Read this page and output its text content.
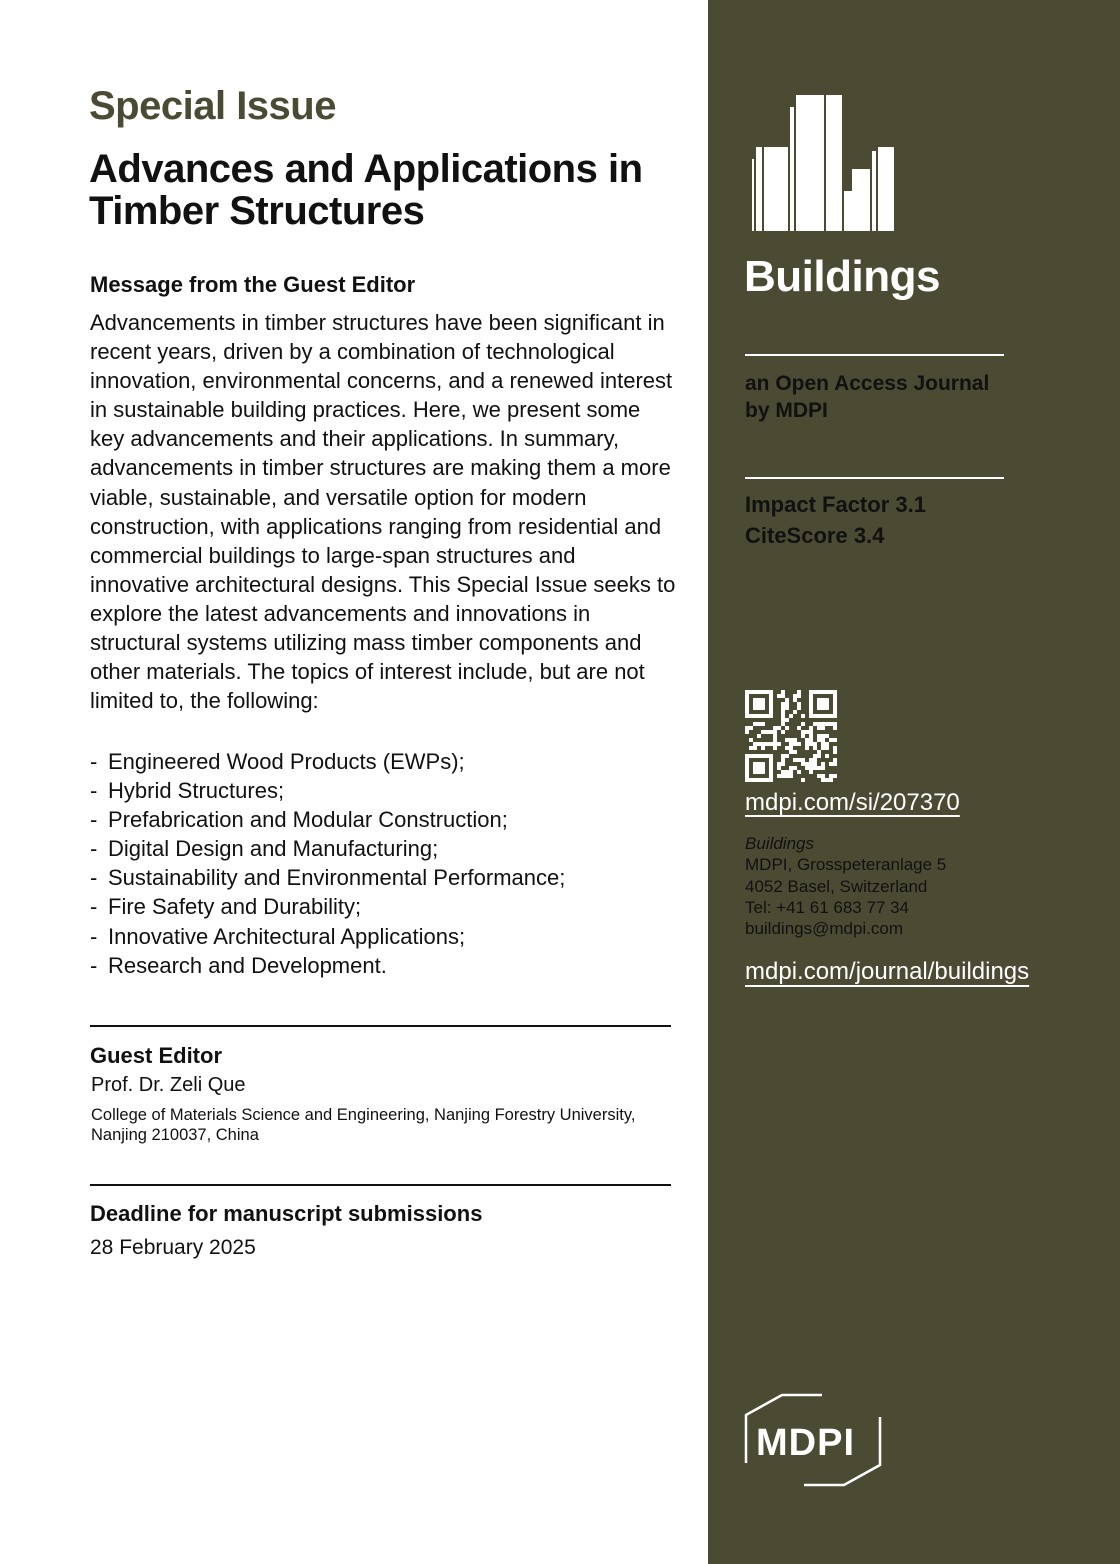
Special Issue
Advances and Applications in Timber Structures
Message from the Guest Editor
Advancements in timber structures have been significant in recent years, driven by a combination of technological innovation, environmental concerns, and a renewed interest in sustainable building practices. Here, we present some key advancements and their applications. In summary, advancements in timber structures are making them a more viable, sustainable, and versatile option for modern construction, with applications ranging from residential and commercial buildings to large-span structures and innovative architectural designs. This Special Issue seeks to explore the latest advancements and innovations in structural systems utilizing mass timber components and other materials. The topics of interest include, but are not limited to, the following:
- Engineered Wood Products (EWPs);
- Hybrid Structures;
- Prefabrication and Modular Construction;
- Digital Design and Manufacturing;
- Sustainability and Environmental Performance;
- Fire Safety and Durability;
- Innovative Architectural Applications;
- Research and Development.
Guest Editor
Prof. Dr. Zeli Que
College of Materials Science and Engineering, Nanjing Forestry University, Nanjing 210037, China
Deadline for manuscript submissions
28 February 2025
Buildings
an Open Access Journal by MDPI
Impact Factor 3.1
CiteScore 3.4
mdpi.com/si/207370
Buildings
MDPI, Grosspeteranlage 5
4052 Basel, Switzerland
Tel: +41 61 683 77 34
buildings@mdpi.com
mdpi.com/journal/buildings
MDPI
